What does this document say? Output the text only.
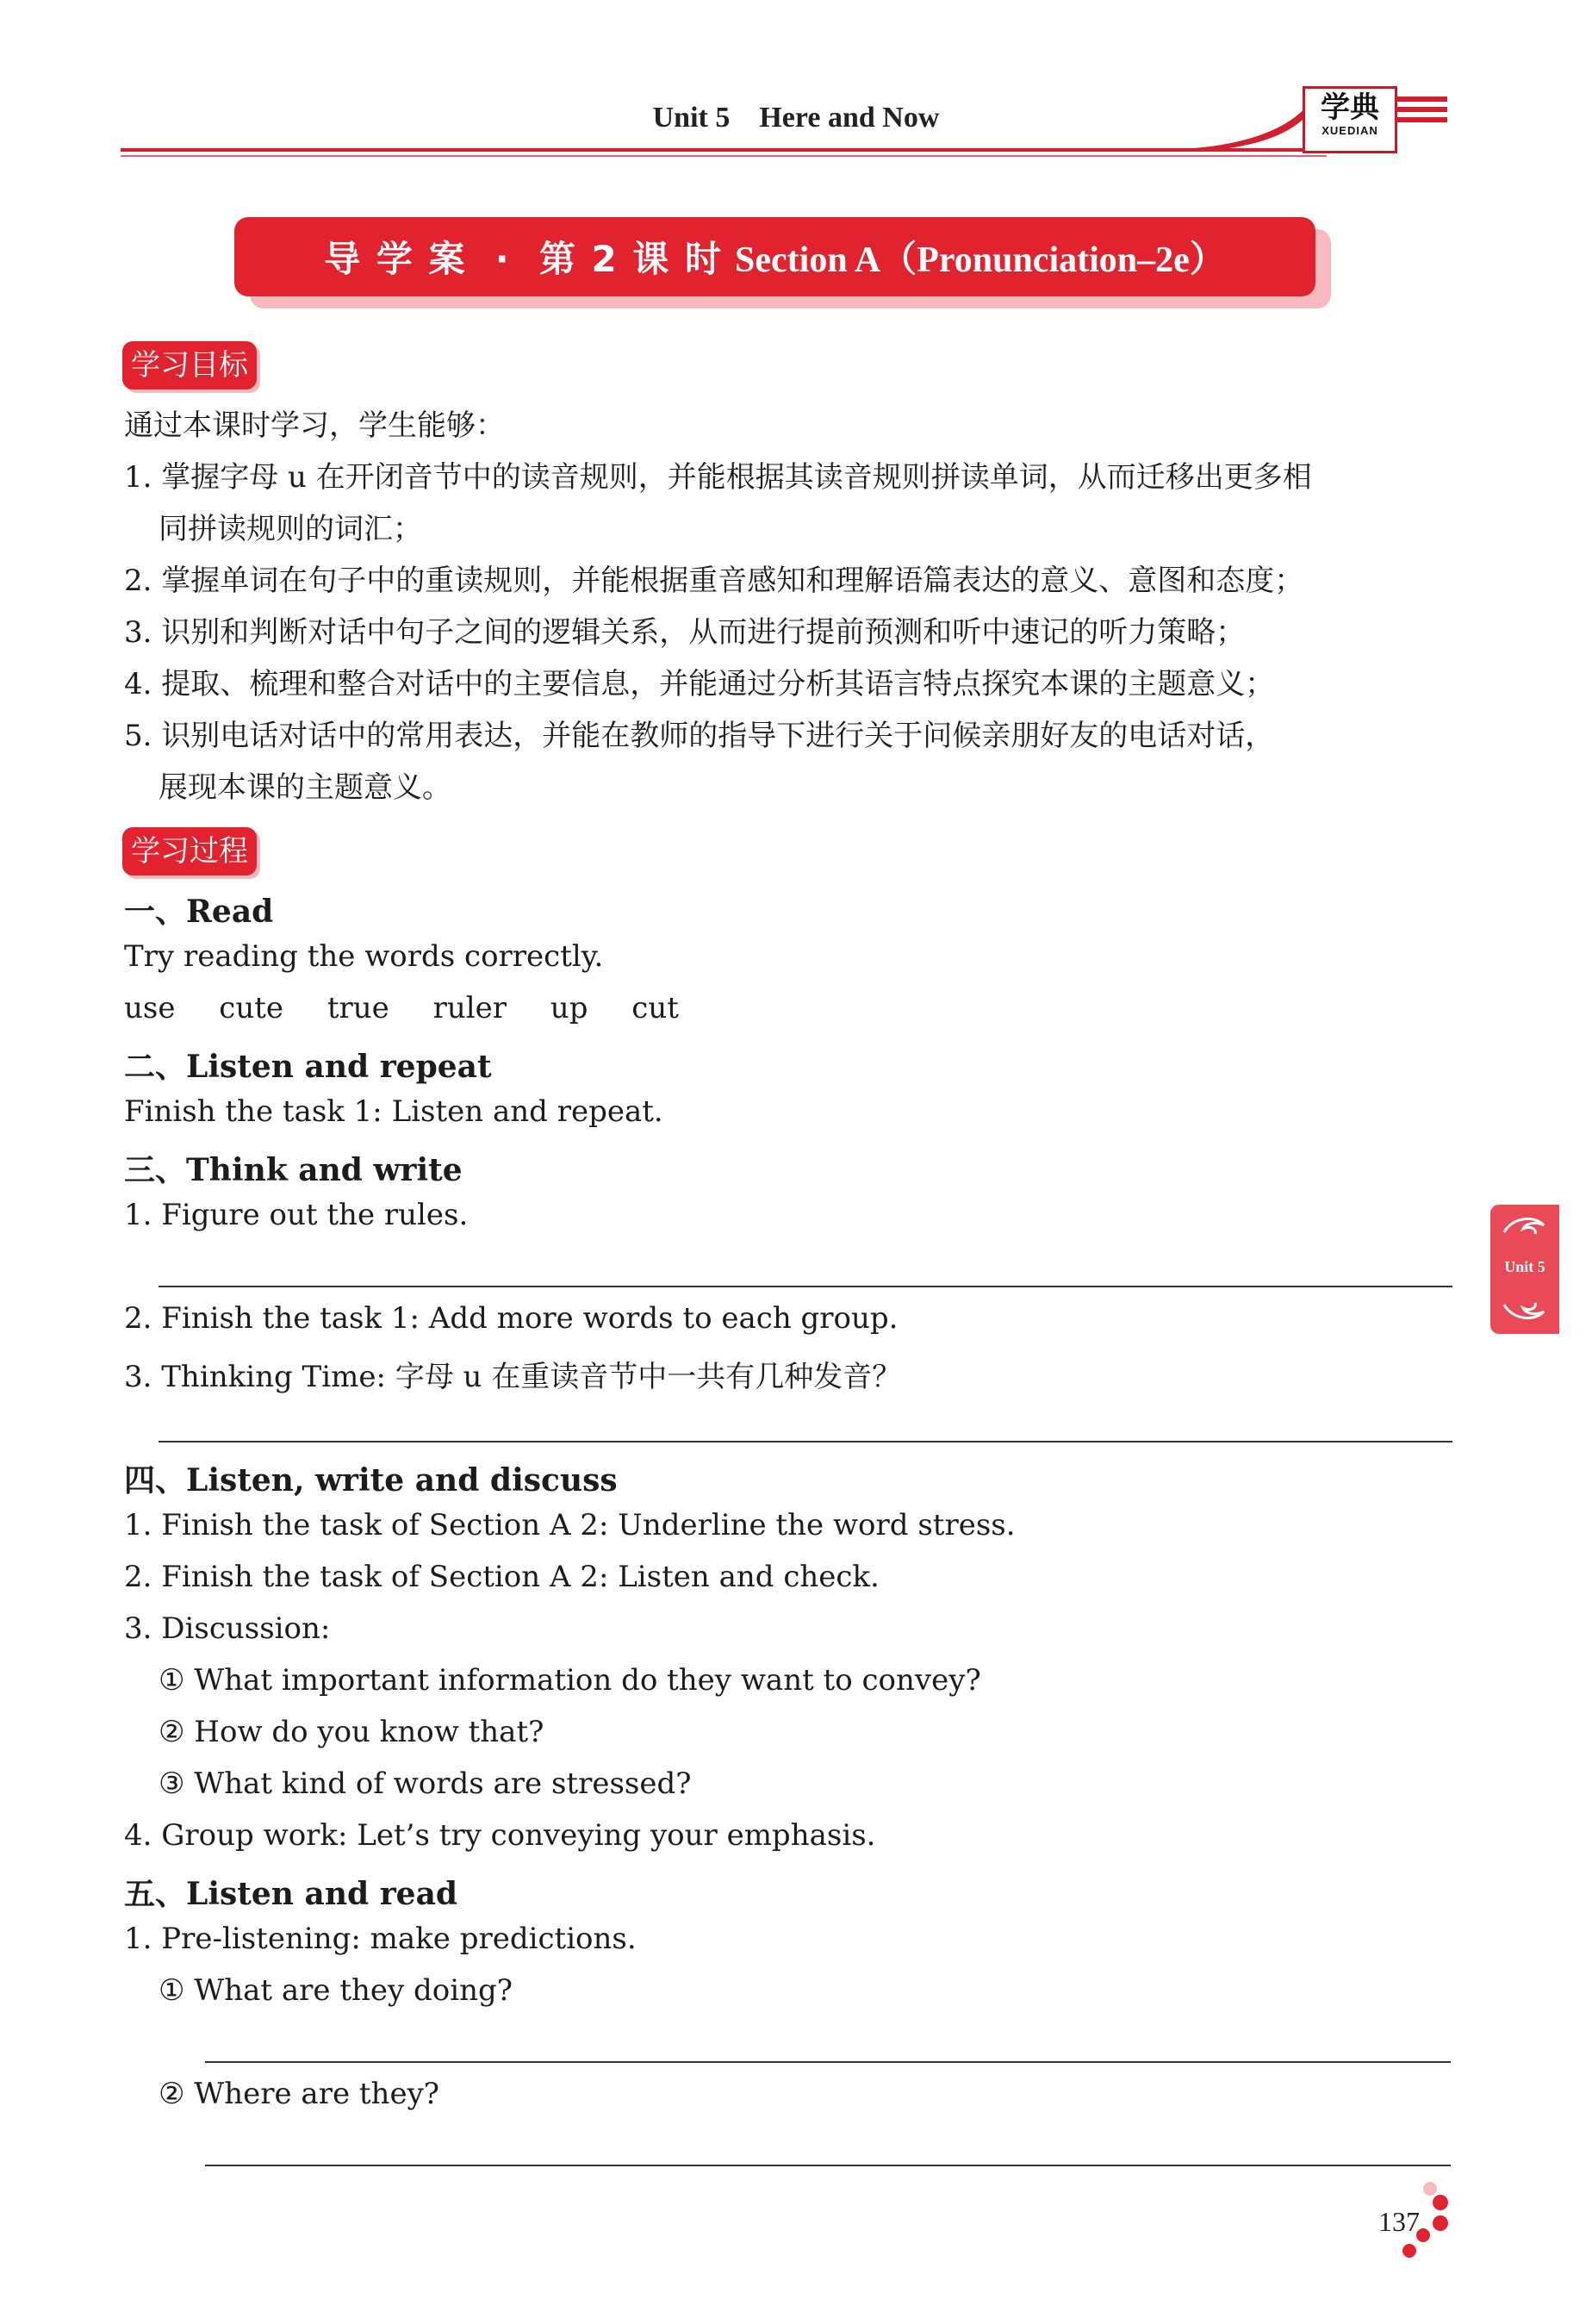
Unit 5    Here and Now	学典
XUEDIAN
导 学 案  ·  第 2 课 时 Section A（Pronunciation–2e）
学习目标
通过本课时学习，学生能够：
1. 掌握字母 u 在开闭音节中的读音规则，并能根据其读音规则拼读单词，从而迁移出更多相
同拼读规则的词汇；
2. 掌握单词在句子中的重读规则，并能根据重音感知和理解语篇表达的意义、意图和态度；
3. 识别和判断对话中句子之间的逻辑关系，从而进行提前预测和听中速记的听力策略；
4. 提取、梳理和整合对话中的主要信息，并能通过分析其语言特点探究本课的主题意义；
5. 识别电话对话中的常用表达，并能在教师的指导下进行关于问候亲朋好友的电话对话，
展现本课的主题意义。
学习过程
一、Read
Try reading the words correctly.
use cute true ruler up cut
二、Listen and repeat
Finish the task 1: Listen and repeat.
三、Think and write
1. Figure out the rules.
2. Finish the task 1: Add more words to each group.
3. Thinking Time: 字母 u 在重读音节中一共有几种发音？
四、Listen, write and discuss
1. Finish the task of Section A 2: Underline the word stress.
2. Finish the task of Section A 2: Listen and check.
3. Discussion:
① What important information do they want to convey?
② How do you know that?
③ What kind of words are stressed?
4. Group work: Let’s try conveying your emphasis.
五、Listen and read
1. Pre-listening: make predictions.
① What are they doing?
② Where are they?
Unit 5
137
